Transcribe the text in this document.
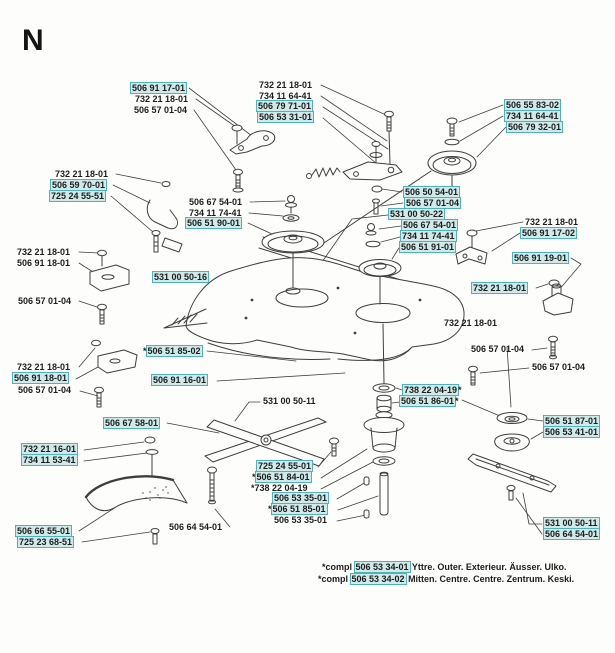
N
506 91 17-01
732 21 18-01
506 57 01-04
732 21 18-01
734 11 64-41
506 79 71-01
506 53 31-01
506 55 83-02
734 11 64-41
506 79 32-01
732 21 18-01
506 59 70-01
725 24 55-51
506 67 54-01
734 11 74-41
506 51 90-01
506 50 54-01
506 57 01-04
531 00 50-22
506 67 54-01
734 11 74-41
506 51 91-01
732 21 18-01
506 91 17-02
506 91 19-01
732 21 18-01
506 91 18-01
506 57 01-04
531 00 50-16
732 21 18-01
732 21 18-01
506 57 01-04
506 57 01-04
732 21 18-01
506 91 18-01
506 57 01-04
*506 51 85-02
506 91 16-01
738 22 04-19*
506 51 86-01*
531 00 50-11
506 67 58-01
732 21 16-01
734 11 53-41
725 24 55-01
*506 51 84-01
*738 22 04-19
506 53 35-01
*506 51 85-01
506 53 35-01
506 66 55-01
725 23 68-51
506 64 54-01
506 51 87-01
506 53 41-01
531 00 50-11
506 64 54-01
*compl 506 53 34-01 Yttre. Outer. Exterieur. Äusser. Ulko.
*compl 506 53 34-02 Mitten. Centre. Centre. Zentrum. Keski.
